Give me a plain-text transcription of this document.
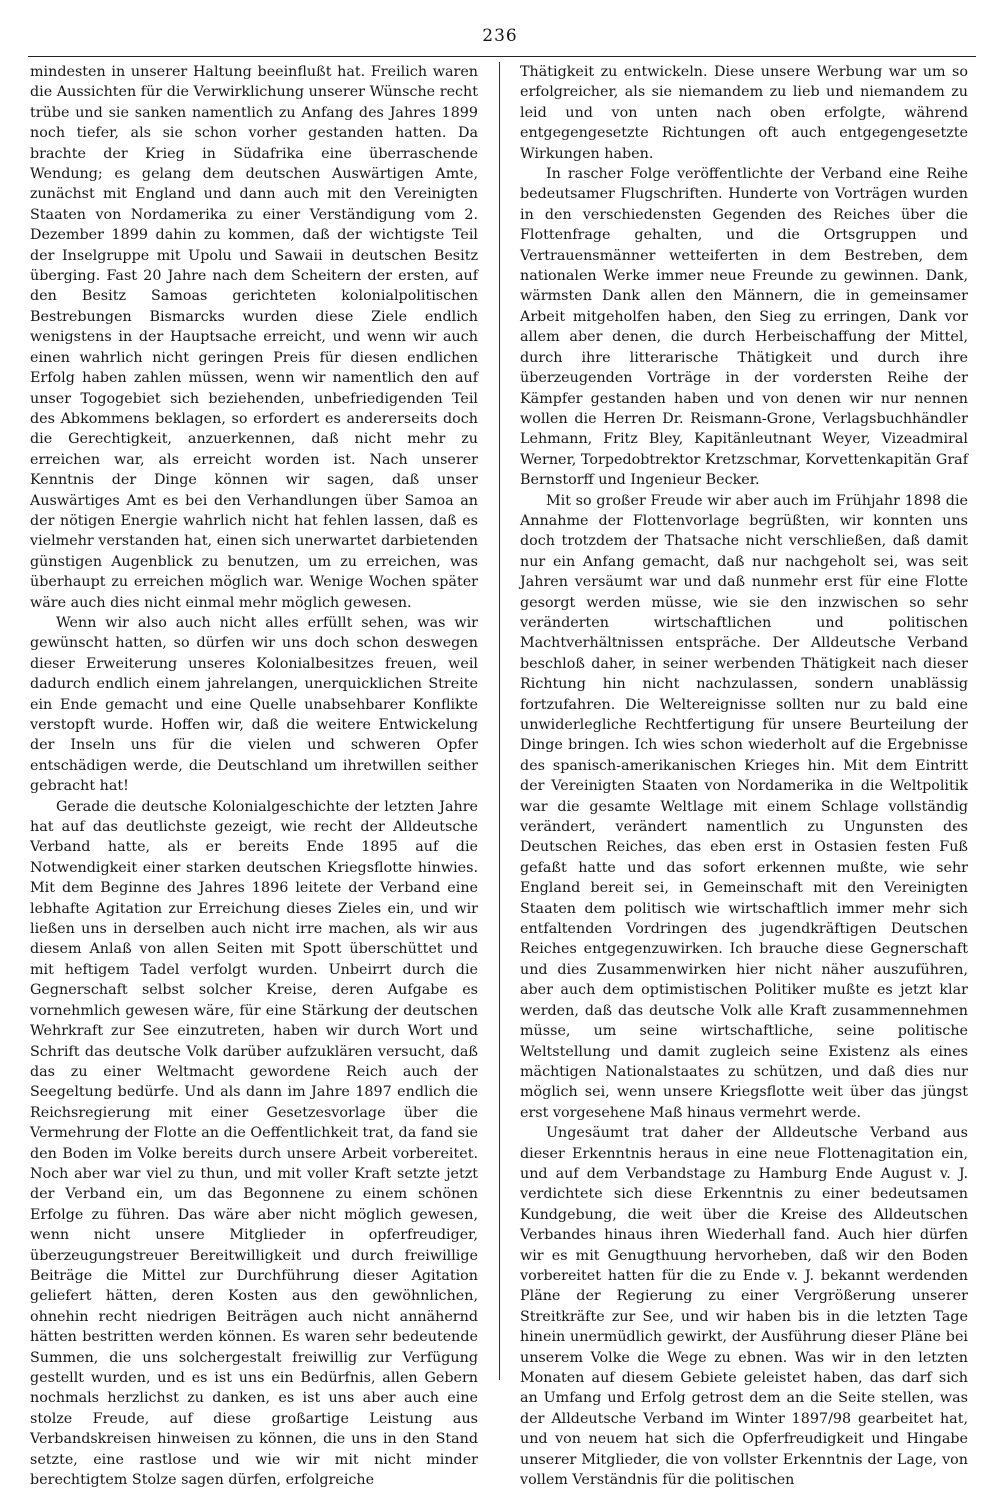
236

mindesten in unserer Haltung beeinflußt hat. Freilich waren die Aussichten für die Verwirklichung unserer Wünsche recht trübe und sie sanken namentlich zu Anfang des Jahres 1899 noch tiefer, als sie schon vorher gestanden hatten. Da brachte der Krieg in Südafrika eine überraschende Wendung; es gelang dem deutschen Auswärtigen Amte, zunächst mit England und dann auch mit den Vereinigten Staaten von Nordamerika zu einer Verständigung vom 2. Dezember 1899 dahin zu kommen, daß der wichtigste Teil der Inselgruppe mit Upolu und Sawaii in deutschen Besitz überging. Fast 20 Jahre nach dem Scheitern der ersten, auf den Besitz Samoas gerichteten kolonialpolitischen Bestrebungen Bismarcks wurden diese Ziele endlich wenigstens in der Hauptsache erreicht, und wenn wir auch einen wahrlich nicht geringen Preis für diesen endlichen Erfolg haben zahlen müssen, wenn wir namentlich den auf unser Togogebiet sich beziehenden, unbefriedigenden Teil des Abkommens beklagen, so erfordert es andererseits doch die Gerechtigkeit, anzuerkennen, daß nicht mehr zu erreichen war, als erreicht worden ist. Nach unserer Kenntnis der Dinge können wir sagen, daß unser Auswärtiges Amt es bei den Verhandlungen über Samoa an der nötigen Energie wahrlich nicht hat fehlen lassen, daß es vielmehr verstanden hat, einen sich unerwartet darbietenden günstigen Augenblick zu benutzen, um zu erreichen, was überhaupt zu erreichen möglich war. Wenige Wochen später wäre auch dies nicht einmal mehr möglich gewesen.

Wenn wir also auch nicht alles erfüllt sehen, was wir gewünscht hatten, so dürfen wir uns doch schon deswegen dieser Erweiterung unseres Kolonialbesitzes freuen, weil dadurch endlich einem jahrelangen, unerquicklichen Streite ein Ende gemacht und eine Quelle unabsehbarer Konflikte verstopft wurde. Hoffen wir, daß die weitere Entwickelung der Inseln uns für die vielen und schweren Opfer entschädigen werde, die Deutschland um ihretwillen seither gebracht hat!

Gerade die deutsche Kolonialgeschichte der letzten Jahre hat auf das deutlichste gezeigt, wie recht der Alldeutsche Verband hatte, als er bereits Ende 1895 auf die Notwendigkeit einer starken deutschen Kriegsflotte hinwies. Mit dem Beginne des Jahres 1896 leitete der Verband eine lebhafte Agitation zur Erreichung dieses Zieles ein, und wir ließen uns in derselben auch nicht irre machen, als wir aus diesem Anlaß von allen Seiten mit Spott überschüttet und mit heftigem Tadel verfolgt wurden. Unbeirrt durch die Gegnerschaft selbst solcher Kreise, deren Aufgabe es vornehmlich gewesen wäre, für eine Stärkung der deutschen Wehrkraft zur See einzutreten, haben wir durch Wort und Schrift das deutsche Volk darüber aufzuklären versucht, daß das zu einer Weltmacht gewordene Reich auch der Seegeltung bedürfe. Und als dann im Jahre 1897 endlich die Reichsregierung mit einer Gesetzesvorlage über die Vermehrung der Flotte an die Oeffentlichkeit trat, da fand sie den Boden im Volke bereits durch unsere Arbeit vorbereitet. Noch aber war viel zu thun, und mit voller Kraft setzte jetzt der Verband ein, um das Begonnene zu einem schönen Erfolge zu führen. Das wäre aber nicht möglich gewesen, wenn nicht unsere Mitglieder in opferfreudiger, überzeugungstreuer Bereitwilligkeit und durch freiwillige Beiträge die Mittel zur Durchführung dieser Agitation geliefert hätten, deren Kosten aus den gewöhnlichen, ohnehin recht niedrigen Beiträgen auch nicht annähernd hätten bestritten werden können. Es waren sehr bedeutende Summen, die uns solchergestalt freiwillig zur Verfügung gestellt wurden, und es ist uns ein Bedürfnis, allen Gebern nochmals herzlichst zu danken, es ist uns aber auch eine stolze Freude, auf diese großartige Leistung aus Verbandskreisen hinweisen zu können, die uns in den Stand setzte, eine rastlose und wie wir mit nicht minder berechtigtem Stolze sagen dürfen, erfolgreiche

Thätigkeit zu entwickeln. Diese unsere Werbung war um so erfolgreicher, als sie niemandem zu lieb und niemandem zu leid und von unten nach oben erfolgte, während entgegengesetzte Richtungen oft auch entgegengesetzte Wirkungen haben.

In rascher Folge veröffentlichte der Verband eine Reihe bedeutsamer Flugschriften. Hunderte von Vorträgen wurden in den verschiedensten Gegenden des Reiches über die Flottenfrage gehalten, und die Ortsgruppen und Vertrauensmänner wetteiferten in dem Bestreben, dem nationalen Werke immer neue Freunde zu gewinnen. Dank, wärmsten Dank allen den Männern, die in gemeinsamer Arbeit mitgeholfen haben, den Sieg zu erringen, Dank vor allem aber denen, die durch Herbeischaffung der Mittel, durch ihre litterarische Thätigkeit und durch ihre überzeugenden Vorträge in der vordersten Reihe der Kämpfer gestanden haben und von denen wir nur nennen wollen die Herren Dr. Reismann-Grone, Verlagsbuchhändler Lehmann, Fritz Bley, Kapitänleutnant Weyer, Vizeadmiral Werner, Torpedobtrektor Kretzschmar, Korvettenkapitän Graf Bernstorff und Ingenieur Becker.

Mit so großer Freude wir aber auch im Frühjahr 1898 die Annahme der Flottenvorlage begrüßten, wir konnten uns doch trotzdem der Thatsache nicht verschließen, daß damit nur ein Anfang gemacht, daß nur nachgeholt sei, was seit Jahren versäumt war und daß nunmehr erst für eine Flotte gesorgt werden müsse, wie sie den inzwischen so sehr veränderten wirtschaftlichen und politischen Machtverhältnissen entspräche. Der Alldeutsche Verband beschloß daher, in seiner werbenden Thätigkeit nach dieser Richtung hin nicht nachzulassen, sondern unablässig fortzufahren. Die Weltereignisse sollten nur zu bald eine unwiderlegliche Rechtfertigung für unsere Beurteilung der Dinge bringen. Ich wies schon wiederholt auf die Ergebnisse des spanisch-amerikanischen Krieges hin. Mit dem Eintritt der Vereinigten Staaten von Nordamerika in die Weltpolitik war die gesamte Weltlage mit einem Schlage vollständig verändert, verändert namentlich zu Ungunsten des Deutschen Reiches, das eben erst in Ostasien festen Fuß gefaßt hatte und das sofort erkennen mußte, wie sehr England bereit sei, in Gemeinschaft mit den Vereinigten Staaten dem politisch wie wirtschaftlich immer mehr sich entfaltenden Vordringen des jugendkräftigen Deutschen Reiches entgegenzuwirken. Ich brauche diese Gegnerschaft und dies Zusammenwirken hier nicht näher auszuführen, aber auch dem optimistischen Politiker mußte es jetzt klar werden, daß das deutsche Volk alle Kraft zusammennehmen müsse, um seine wirtschaftliche, seine politische Weltstellung und damit zugleich seine Existenz als eines mächtigen Nationalstaates zu schützen, und daß dies nur möglich sei, wenn unsere Kriegsflotte weit über das jüngst erst vorgesehene Maß hinaus vermehrt werde.

Ungesäumt trat daher der Alldeutsche Verband aus dieser Erkenntnis heraus in eine neue Flottenagitation ein, und auf dem Verbandstage zu Hamburg Ende August v. J. verdichtete sich diese Erkenntnis zu einer bedeutsamen Kundgebung, die weit über die Kreise des Alldeutschen Verbandes hinaus ihren Wiederhall fand. Auch hier dürfen wir es mit Genugthuung hervorheben, daß wir den Boden vorbereitet hatten für die zu Ende v. J. bekannt werdenden Pläne der Regierung zu einer Vergrößerung unserer Streitkräfte zur See, und wir haben bis in die letzten Tage hinein unermüdlich gewirkt, der Ausführung dieser Pläne bei unserem Volke die Wege zu ebnen. Was wir in den letzten Monaten auf diesem Gebiete geleistet haben, das darf sich an Umfang und Erfolg getrost dem an die Seite stellen, was der Alldeutsche Verband im Winter 1897/98 gearbeitet hat, und von neuem hat sich die Opferfreudigkeit und Hingabe unserer Mitglieder, die von vollster Erkenntnis der Lage, von vollem Verständnis für die politischen
